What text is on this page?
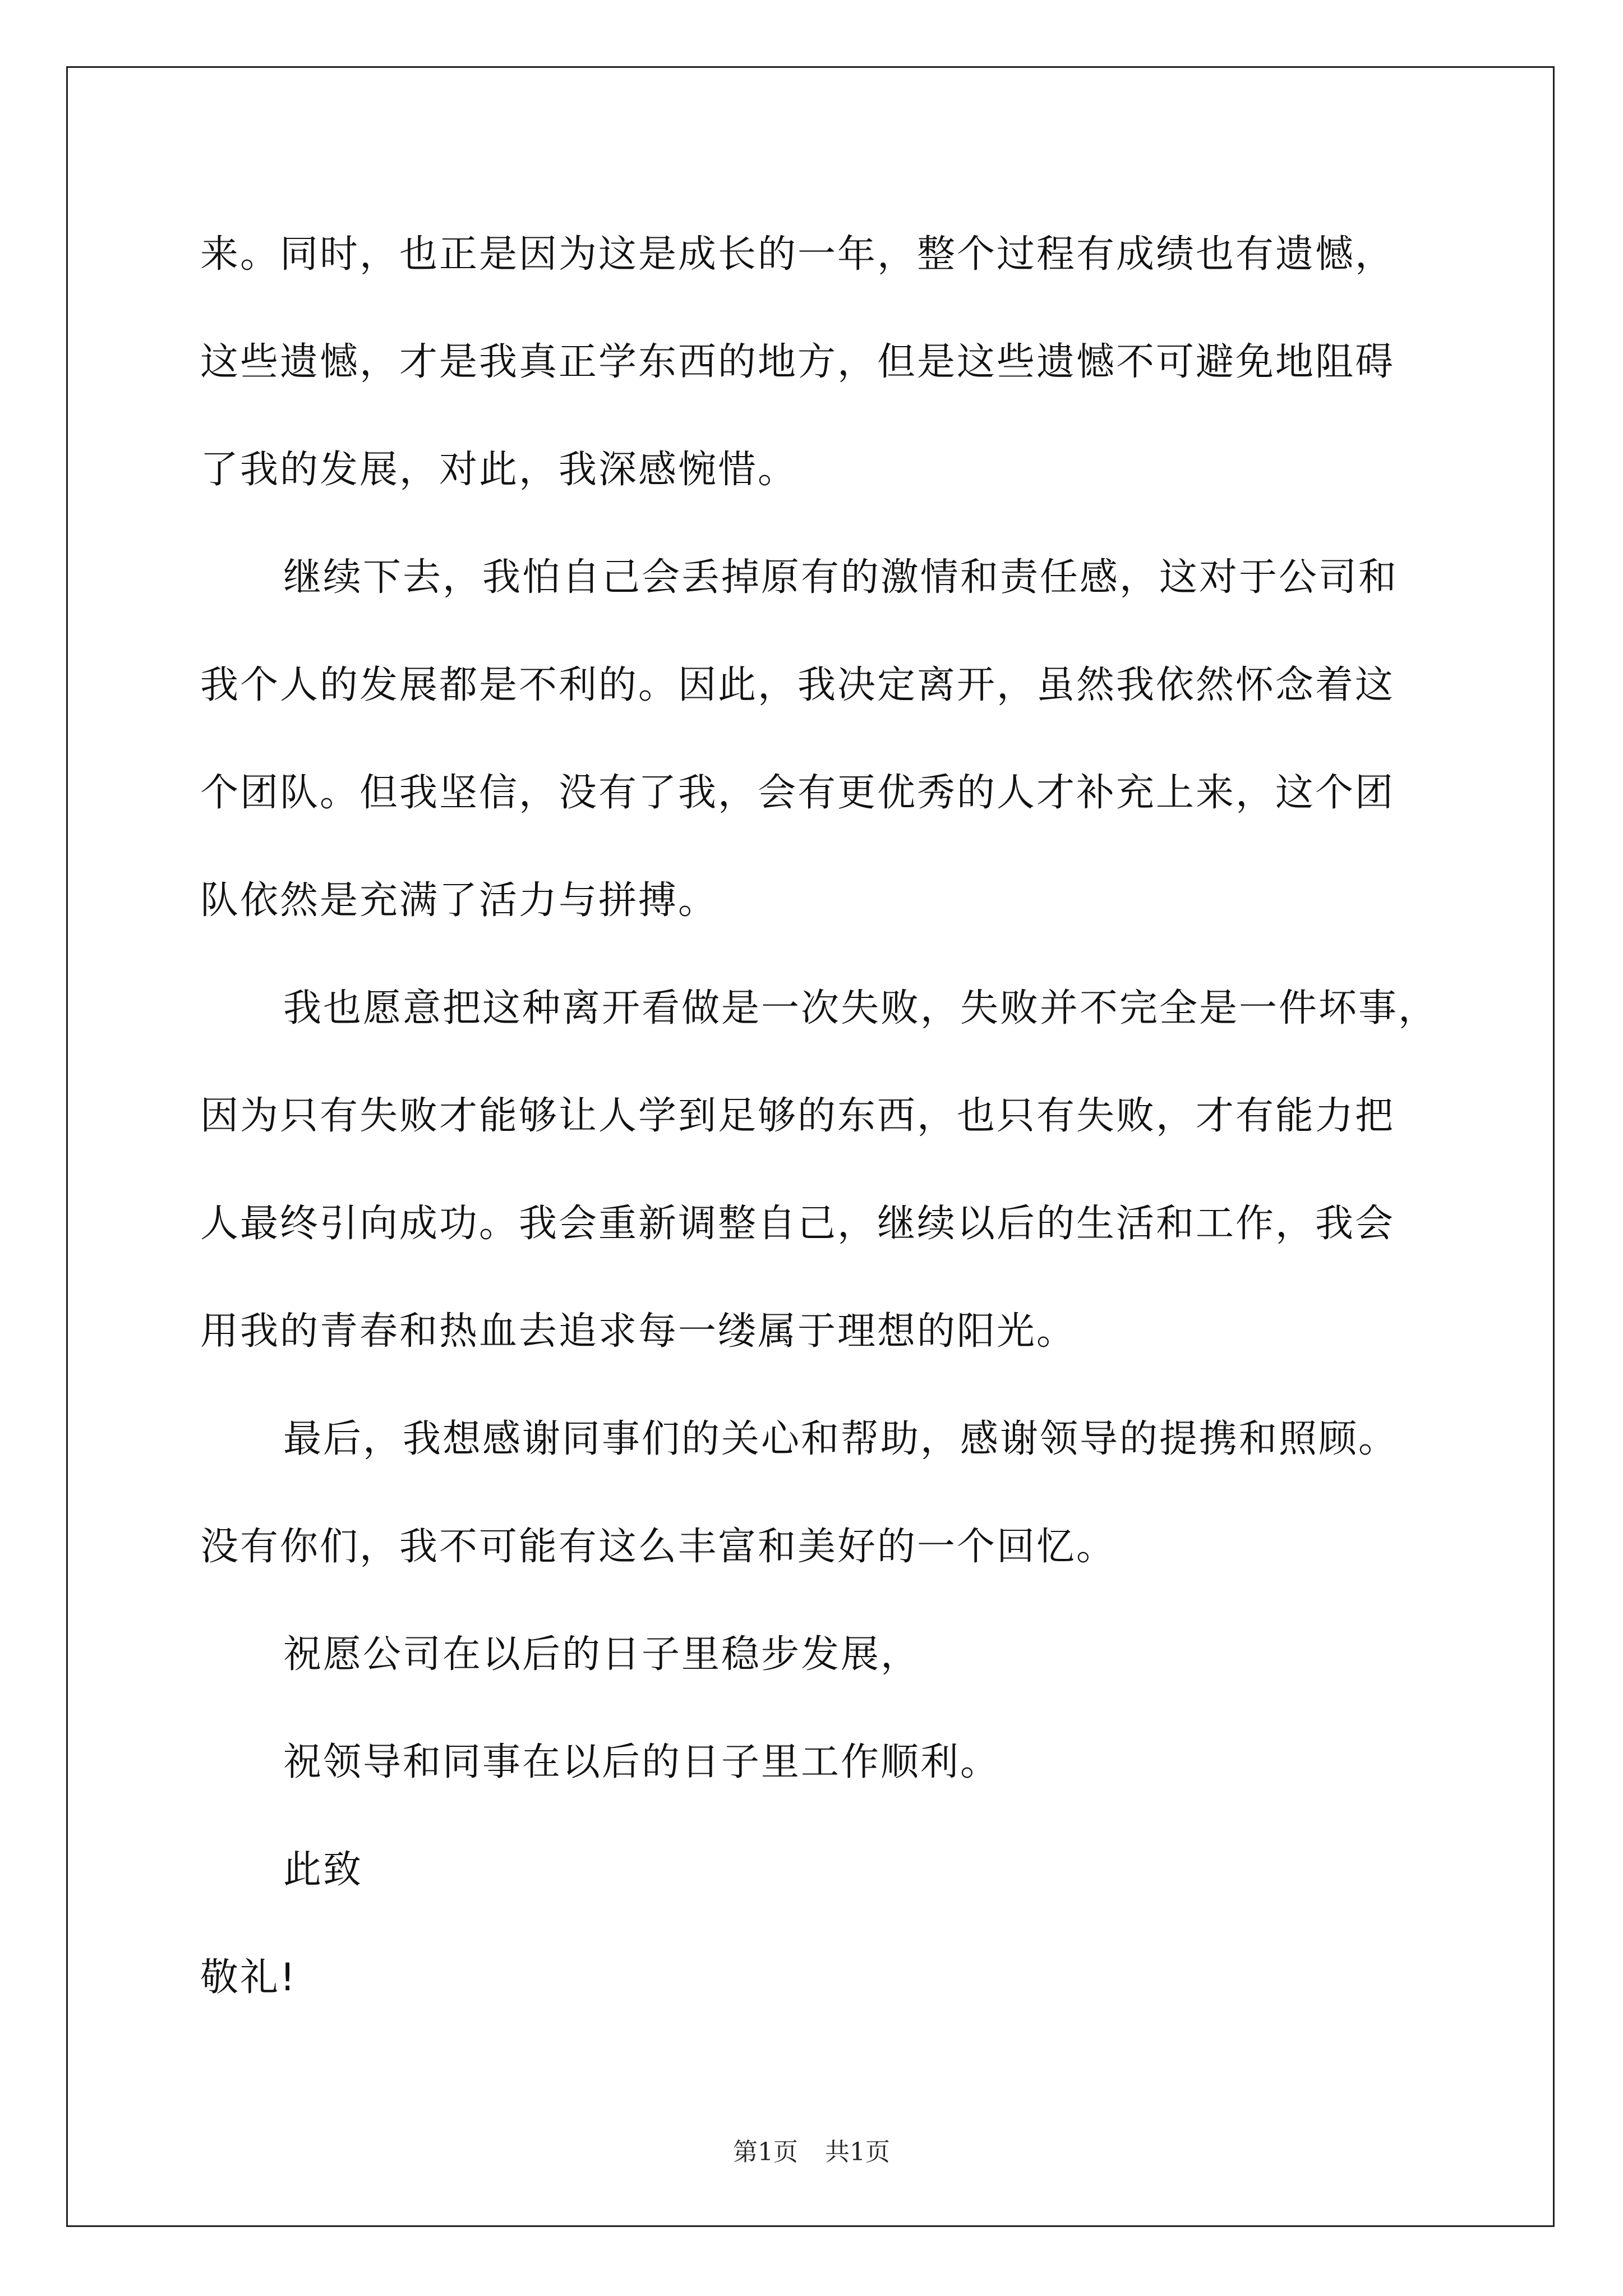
来。同时，也正是因为这是成长的一年，整个过程有成绩也有遗憾，
这些遗憾，才是我真正学东西的地方，但是这些遗憾不可避免地阻碍
了我的发展，对此，我深感惋惜。
继续下去，我怕自己会丢掉原有的激情和责任感，这对于公司和
我个人的发展都是不利的。因此，我决定离开，虽然我依然怀念着这
个团队。但我坚信，没有了我，会有更优秀的人才补充上来，这个团
队依然是充满了活力与拼搏。
我也愿意把这种离开看做是一次失败，失败并不完全是一件坏事，
因为只有失败才能够让人学到足够的东西，也只有失败，才有能力把
人最终引向成功。我会重新调整自己，继续以后的生活和工作，我会
用我的青春和热血去追求每一缕属于理想的阳光。
最后，我想感谢同事们的关心和帮助，感谢领导的提携和照顾。
没有你们，我不可能有这么丰富和美好的一个回忆。
祝愿公司在以后的日子里稳步发展，
祝领导和同事在以后的日子里工作顺利。
此致
敬礼!
第1页 共1页
